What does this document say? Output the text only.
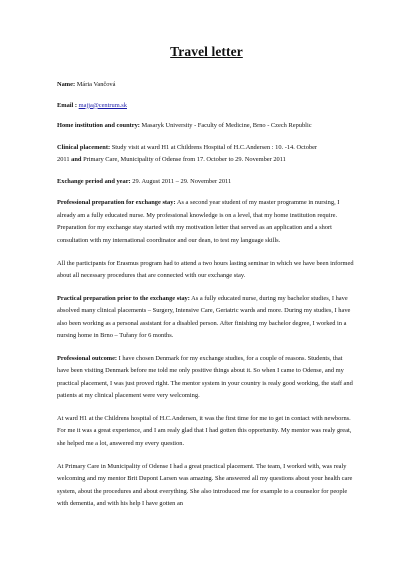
Travel letter
Name: Mária Vančová
Email : majja@centrum.sk
Home institution and country: Masaryk University - Faculty of Medicine, Brno - Czech Republic
Clinical placement: Study visit at ward H1 at Childrens Hospital of H.C.Andersen : 10. -14. October
2011 and Primary Care, Municipality of Odense from 17. October to 29. November 2011
Exchange period and year: 29. August 2011 – 29. November 2011

Professional preparation for exchange stay: As a second year student of my master programme in nursing, I already am a fully educated nurse. My professional knowledge is on a level, that my home institution require. Preparation for my exchange stay started with my motivation letter that served as an application and a short consultation with my international coordinator and our dean, to test my language skills.

All the participants for Erasmus program had to attend a two hours lasting seminar in which we have been informed about all necessary procedures that are connected with our exchange stay.

Practical preparation prior to the exchange stay: As a fully educated nurse, during my bachelor studies, I have absolved many clinical placements – Surgery, Intensive Care, Geriatric wards and more. During my studies, I have also been working as a personal assistant for a disabled person. After finishing my bachelor degree, I worked in a nursing home in Brno – Tuřany for 6 months.

Professional outcome: I have chosen Denmark for my exchange studies, for a couple of reasons. Students, that have been visiting Denmark before me told me only positive things about it. So when I came to Odense, and my practical placement, I was just proved right. The mentor system in your country is realy good working, the staff and patients at my clinical placement were very welcoming.

At ward H1 at the Childrens hospital of H.C.Andersen, it was the first time for me to get in contact with newborns. For me it was a great experience, and I am realy glad that I had gotten this opportunity. My mentor was realy great, she helped me a lot, answered my every question.

At Primary Care in Municipality of Odense I had a great practical placement. The team, I worked with, was realy welcoming and my mentor Brit Dupont Larsen was amazing. She answered all my questions about your health care system, about the procedures and about everything. She also introduced me for example to a counselor for people with dementia, and with his help I have gotten an
